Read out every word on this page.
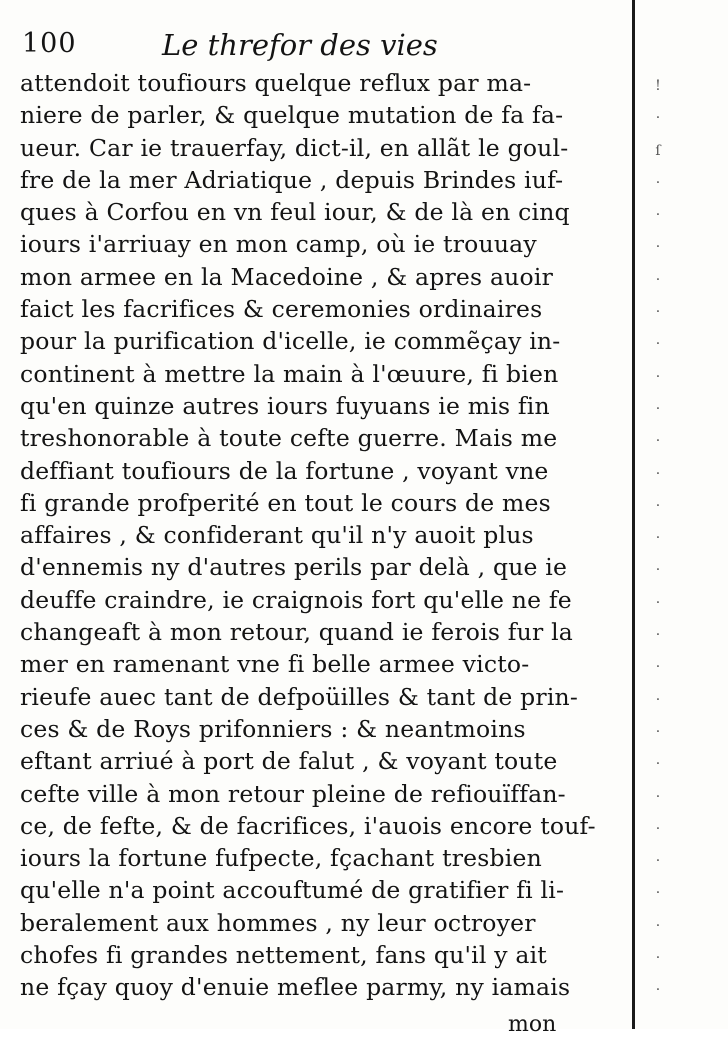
100	Le threfor des vies
attendoit toufiours quelque reflux par ma-
niere de parler, & quelque mutation de fa fa-
ueur. Car ie trauerfay, dict-il, en allãt le goul-
fre de la mer Adriatique , depuis Brindes iuf-
ques à Corfou en vn feul iour, & de là en cinq
iours i'arriuay en mon camp, où ie trouuay
mon armee en la Macedoine , & apres auoir
faict les facrifices & ceremonies ordinaires
pour la purification d'icelle, ie commẽçay in-
continent à mettre la main à l'œuure, fi bien
qu'en quinze autres iours fuyuans ie mis fin
treshonorable à toute cefte guerre. Mais me
deffiant toufiours de la fortune , voyant vne
fi grande profperité en tout le cours de mes
affaires , & confiderant qu'il n'y auoit plus
d'ennemis ny d'autres perils par delà , que ie
deuffe craindre, ie craignois fort qu'elle ne fe
changeaft à mon retour, quand ie ferois fur la
mer en ramenant vne fi belle armee victo-
rieufe auec tant de defpoüilles & tant de prin-
ces & de Roys prifonniers : & neantmoins
eftant arriué à port de falut , & voyant toute
cefte ville à mon retour pleine de refiouïffan-
ce, de fefte, & de facrifices, i'auois encore touf-
iours la fortune fufpecte, fçachant tresbien
qu'elle n'a point accouftumé de gratifier fi li-
beralement aux hommes , ny leur octroyer
chofes fi grandes nettement, fans qu'il y ait
ne fçay quoy d'enuie meflee parmy, ny iamais
mon
!
·
ſ
·
·
·
·
·
·
·
·
·
·
·
·
·
·
·
·
·
·
·
·
·
·
·
·
·
·
